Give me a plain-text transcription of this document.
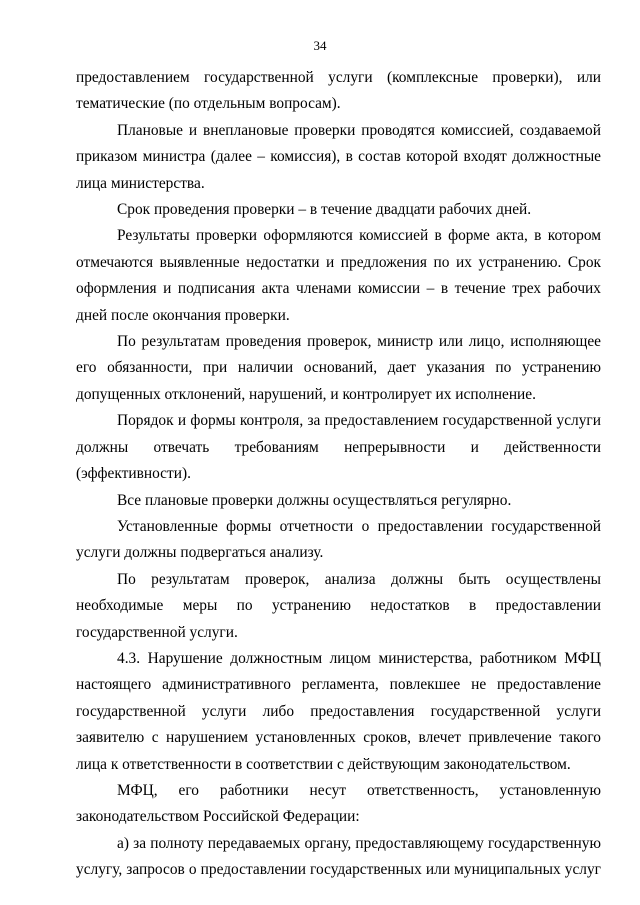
34

предоставлением государственной услуги (комплексные проверки), или тематические (по отдельным вопросам).

Плановые и внеплановые проверки проводятся комиссией, создаваемой приказом министра (далее – комиссия), в состав которой входят должностные лица министерства.

Срок проведения проверки – в течение двадцати рабочих дней.

Результаты проверки оформляются комиссией в форме акта, в котором отмечаются выявленные недостатки и предложения по их устранению. Срок оформления и подписания акта членами комиссии – в течение трех рабочих дней после окончания проверки.

По результатам проведения проверок, министр или лицо, исполняющее его обязанности, при наличии оснований, дает указания по устранению допущенных отклонений, нарушений, и контролирует их исполнение.

Порядок и формы контроля, за предоставлением государственной услуги должны отвечать требованиям непрерывности и действенности (эффективности).

Все плановые проверки должны осуществляться регулярно.

Установленные формы отчетности о предоставлении государственной услуги должны подвергаться анализу.

По результатам проверок, анализа должны быть осуществлены необходимые меры по устранению недостатков в предоставлении государственной услуги.

4.3. Нарушение должностным лицом министерства, работником МФЦ настоящего административного регламента, повлекшее не предоставление государственной услуги либо предоставления государственной услуги заявителю с нарушением установленных сроков, влечет привлечение такого лица к ответственности в соответствии с действующим законодательством.

МФЦ, его работники несут ответственность, установленную законодательством Российской Федерации:

а) за полноту передаваемых органу, предоставляющему государственную услугу, запросов о предоставлении государственных или муниципальных услуг
